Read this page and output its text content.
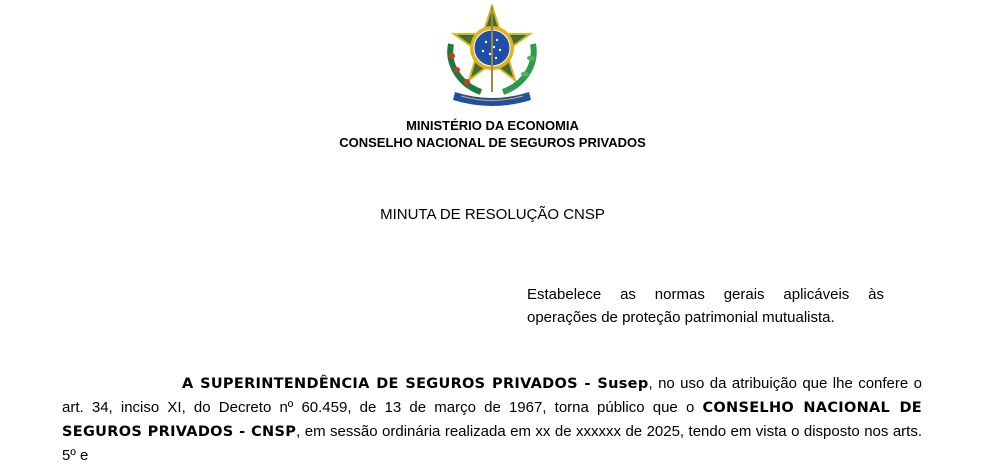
MINISTÉRIO DA ECONOMIA
CONSELHO NACIONAL DE SEGUROS PRIVADOS
MINUTA DE RESOLUÇÃO CNSP
Estabelece as normas gerais aplicáveis às operações de proteção patrimonial mutualista.
A SUPERINTENDÊNCIA DE SEGUROS PRIVADOS - Susep, no uso da atribuição que lhe confere o art. 34, inciso XI, do Decreto nº 60.459, de 13 de março de 1967, torna público que o CONSELHO NACIONAL DE SEGUROS PRIVADOS - CNSP, em sessão ordinária realizada em xx de xxxxxx de 2025, tendo em vista o disposto nos arts. 5º e
